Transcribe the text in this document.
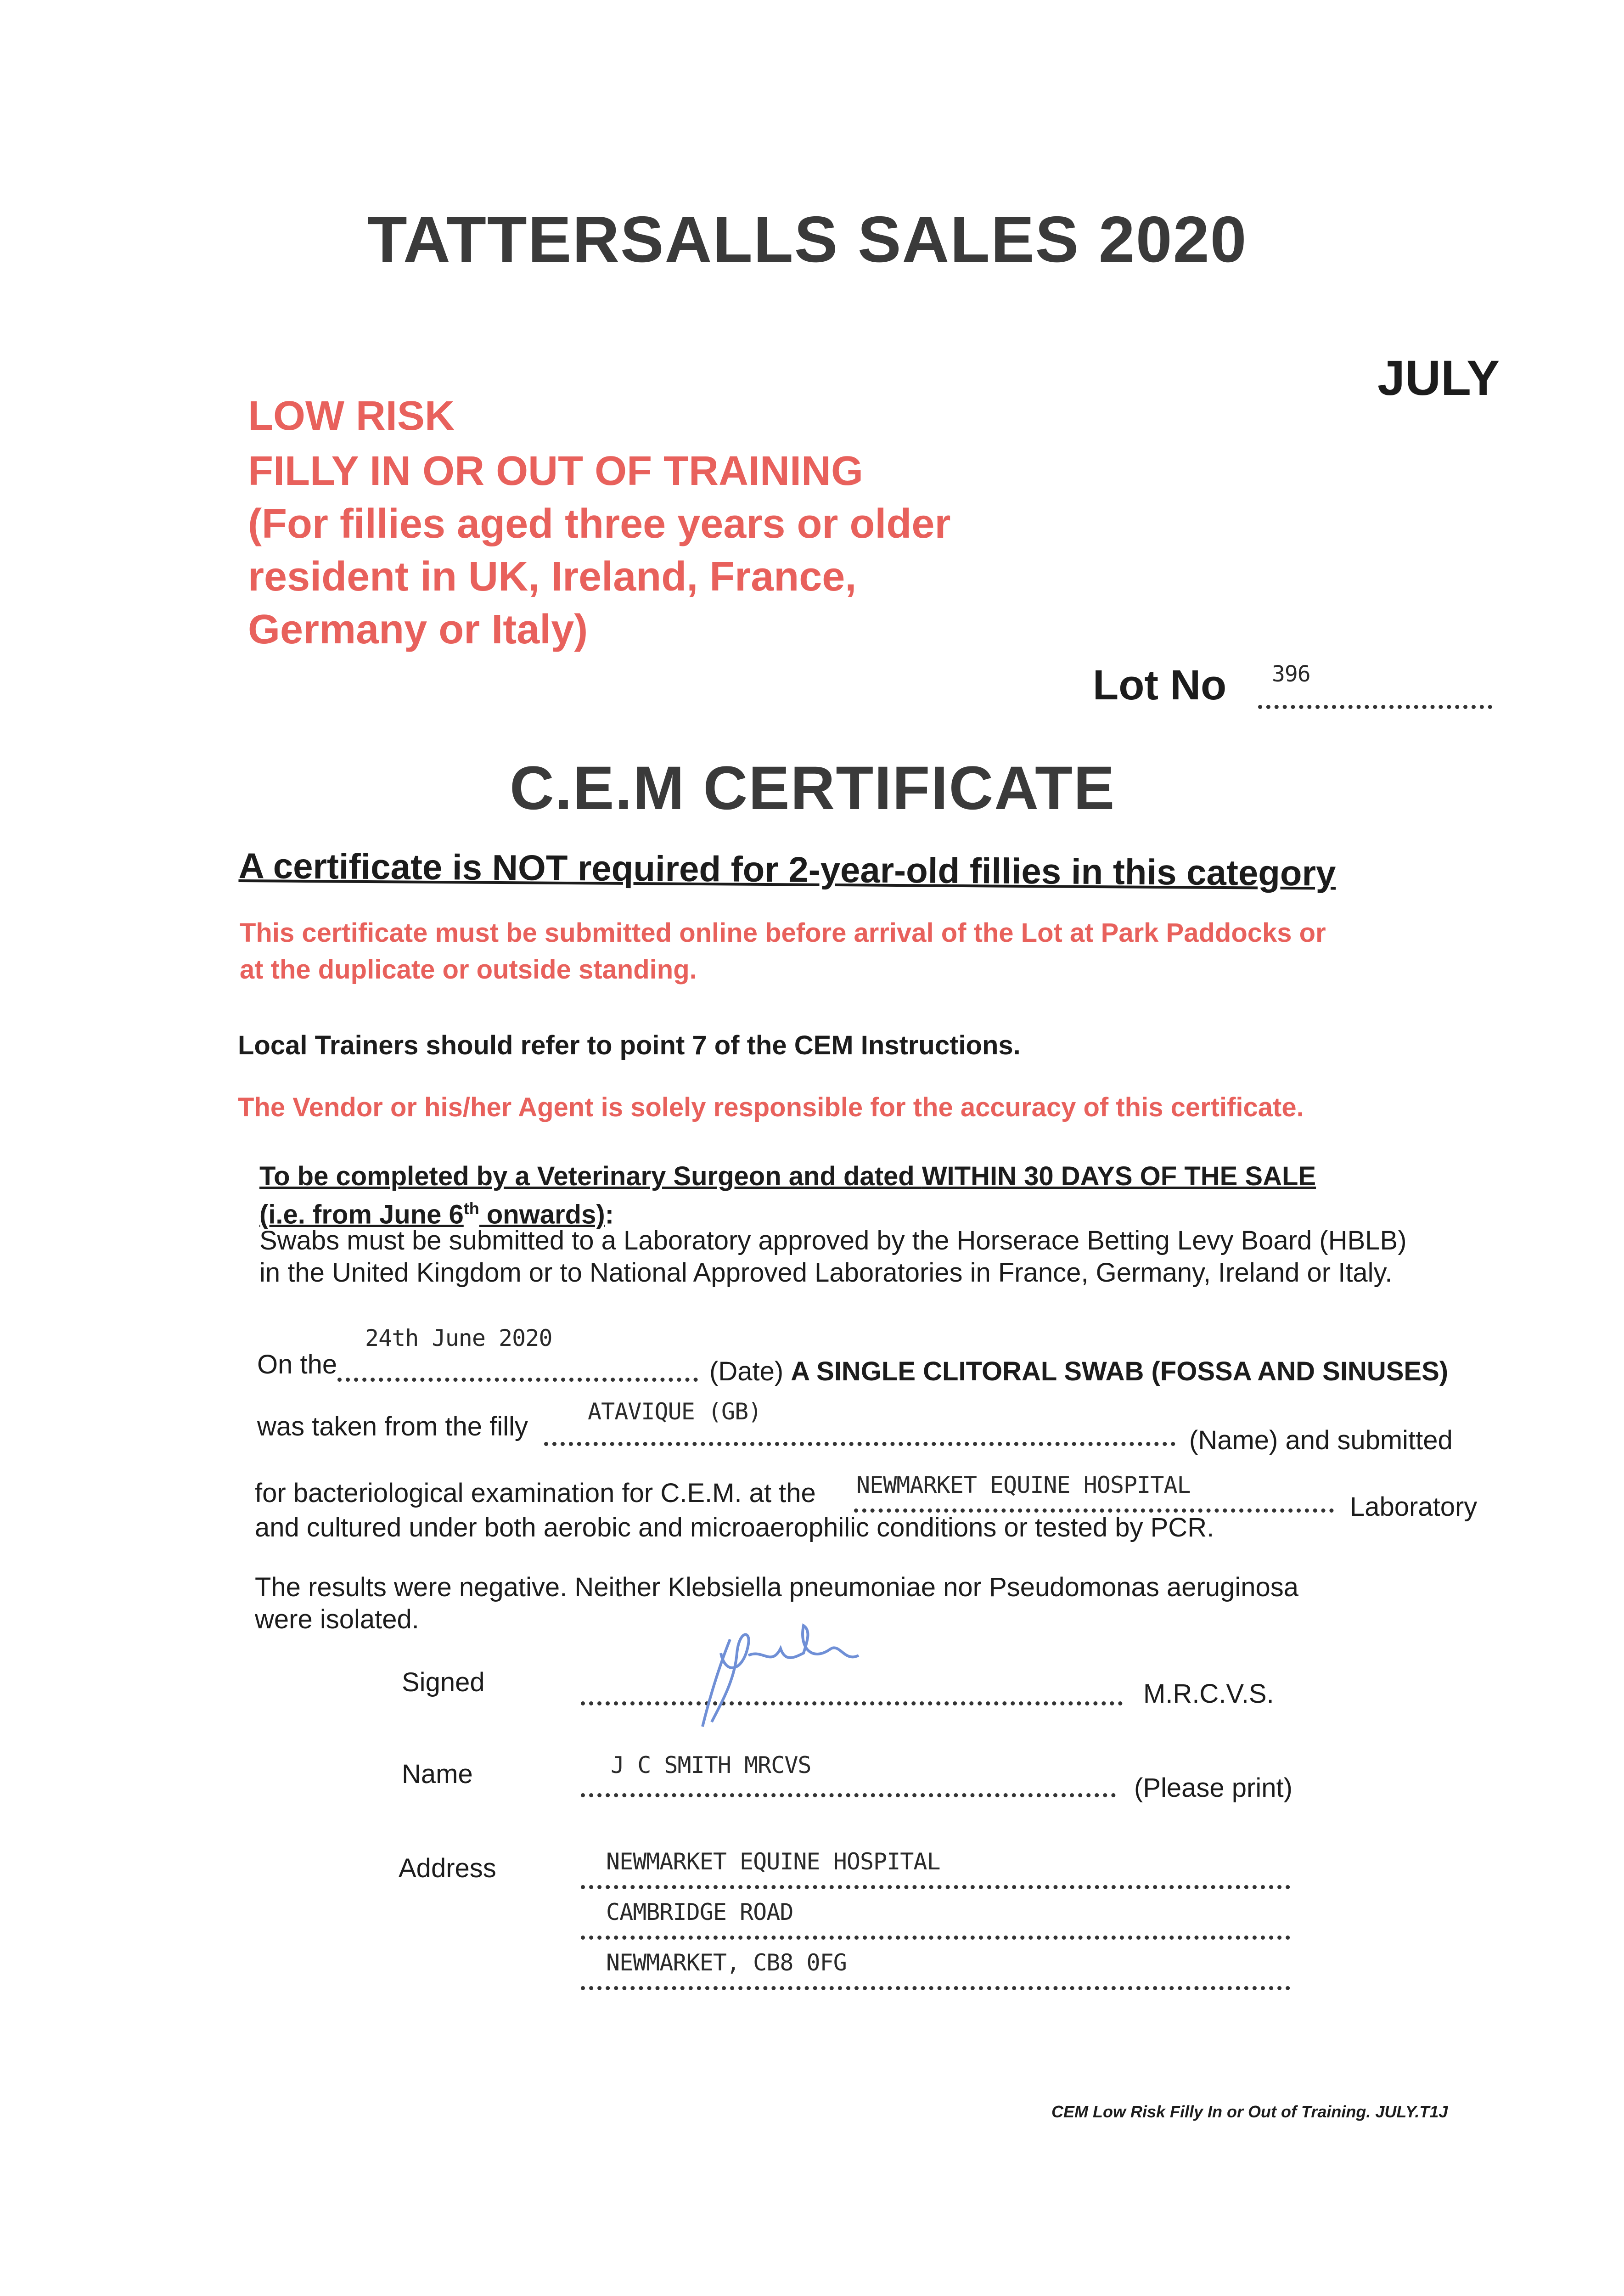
TATTERSALLS SALES 2020
JULY
LOW RISK
FILLY IN OR OUT OF TRAINING
(For fillies aged three years or older
resident in UK, Ireland, France,
Germany or Italy)
Lot No 396
C.E.M CERTIFICATE
A certificate is NOT required for 2-year-old fillies in this category
This certificate must be submitted online before arrival of the Lot at Park Paddocks or
at the duplicate or outside standing.
Local Trainers should refer to point 7 of the CEM Instructions.
The Vendor or his/her Agent is solely responsible for the accuracy of this certificate.
To be completed by a Veterinary Surgeon and dated WITHIN 30 DAYS OF THE SALE
(i.e. from June 6th onwards):
Swabs must be submitted to a Laboratory approved by the Horserace Betting Levy Board (HBLB)
in the United Kingdom or to National Approved Laboratories in France, Germany, Ireland or Italy.
On the
24th June 2020
(Date) A SINGLE CLITORAL SWAB (FOSSA AND SINUSES)
was taken from the filly	ATAVIQUE (GB)
(Name) and submitted
for bacteriological examination for C.E.M. at the NEWMARKET EQUINE HOSPITAL
Laboratory
and cultured under both aerobic and microaerophilic conditions or tested by PCR.
The results were negative. Neither Klebsiella pneumoniae nor Pseudomonas aeruginosa
were isolated.
Signed	M.R.C.V.S.
Name	J C SMITH MRCVS
(Please print)
Address	NEWMARKET EQUINE HOSPITAL
CAMBRIDGE ROAD
NEWMARKET, CB8 0FG
CEM Low Risk Filly In or Out of Training. JULY.T1J
